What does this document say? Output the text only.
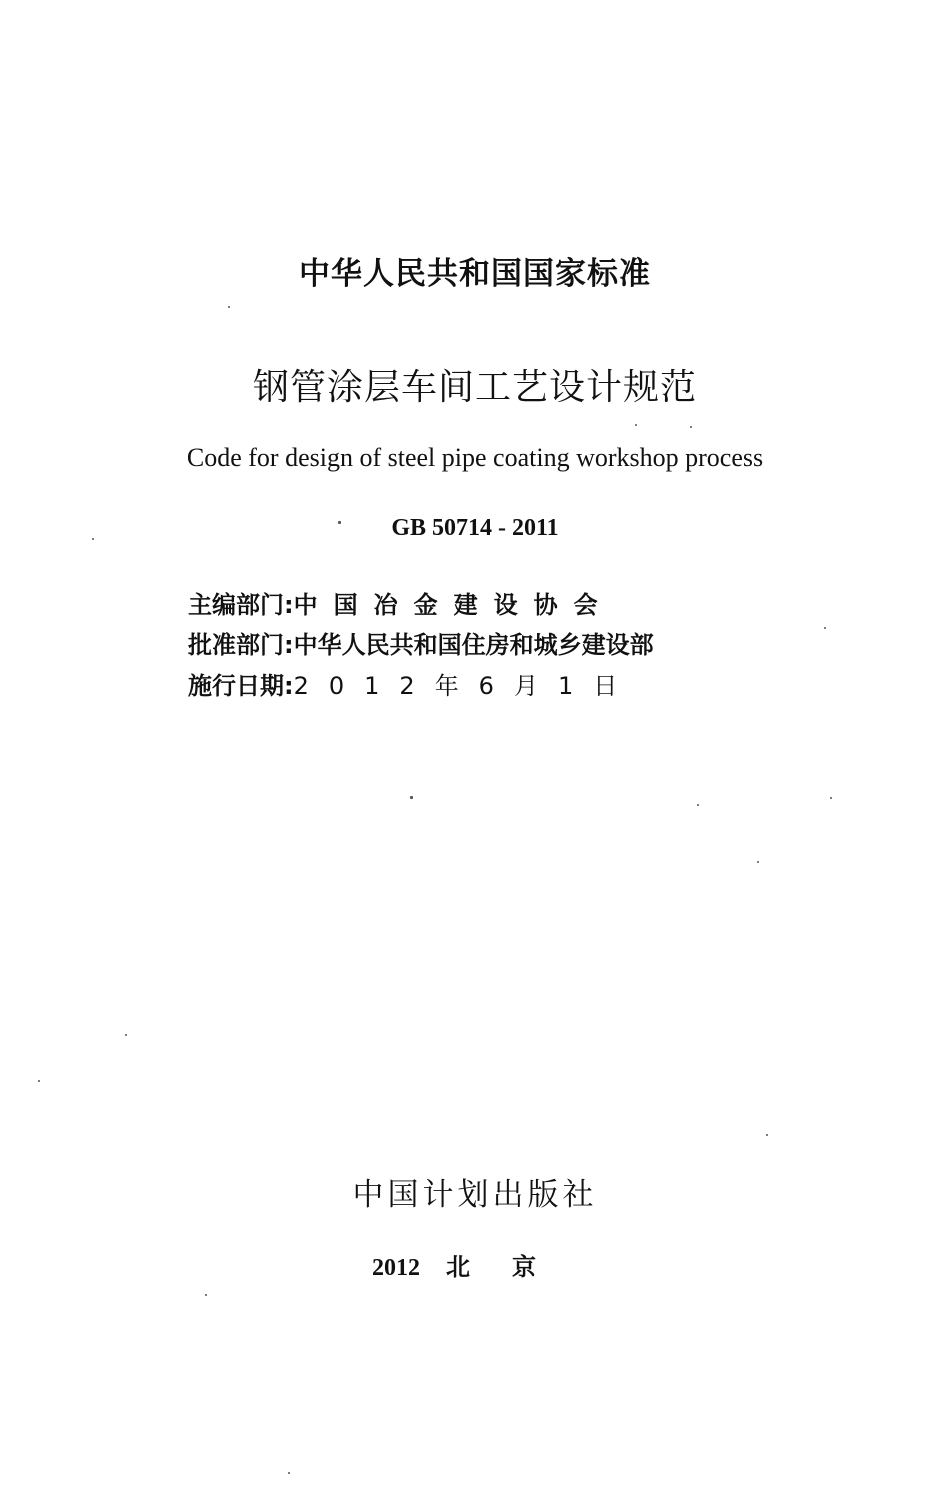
中华人民共和国国家标准
钢管涂层车间工艺设计规范
Code for design of steel pipe coating workshop process
GB 50714 - 2011
主编部门:中国冶金建设协会
批准部门:中华人民共和国住房和城乡建设部
施行日期:2012年6月1日
中国计划出版社
2012 北京
